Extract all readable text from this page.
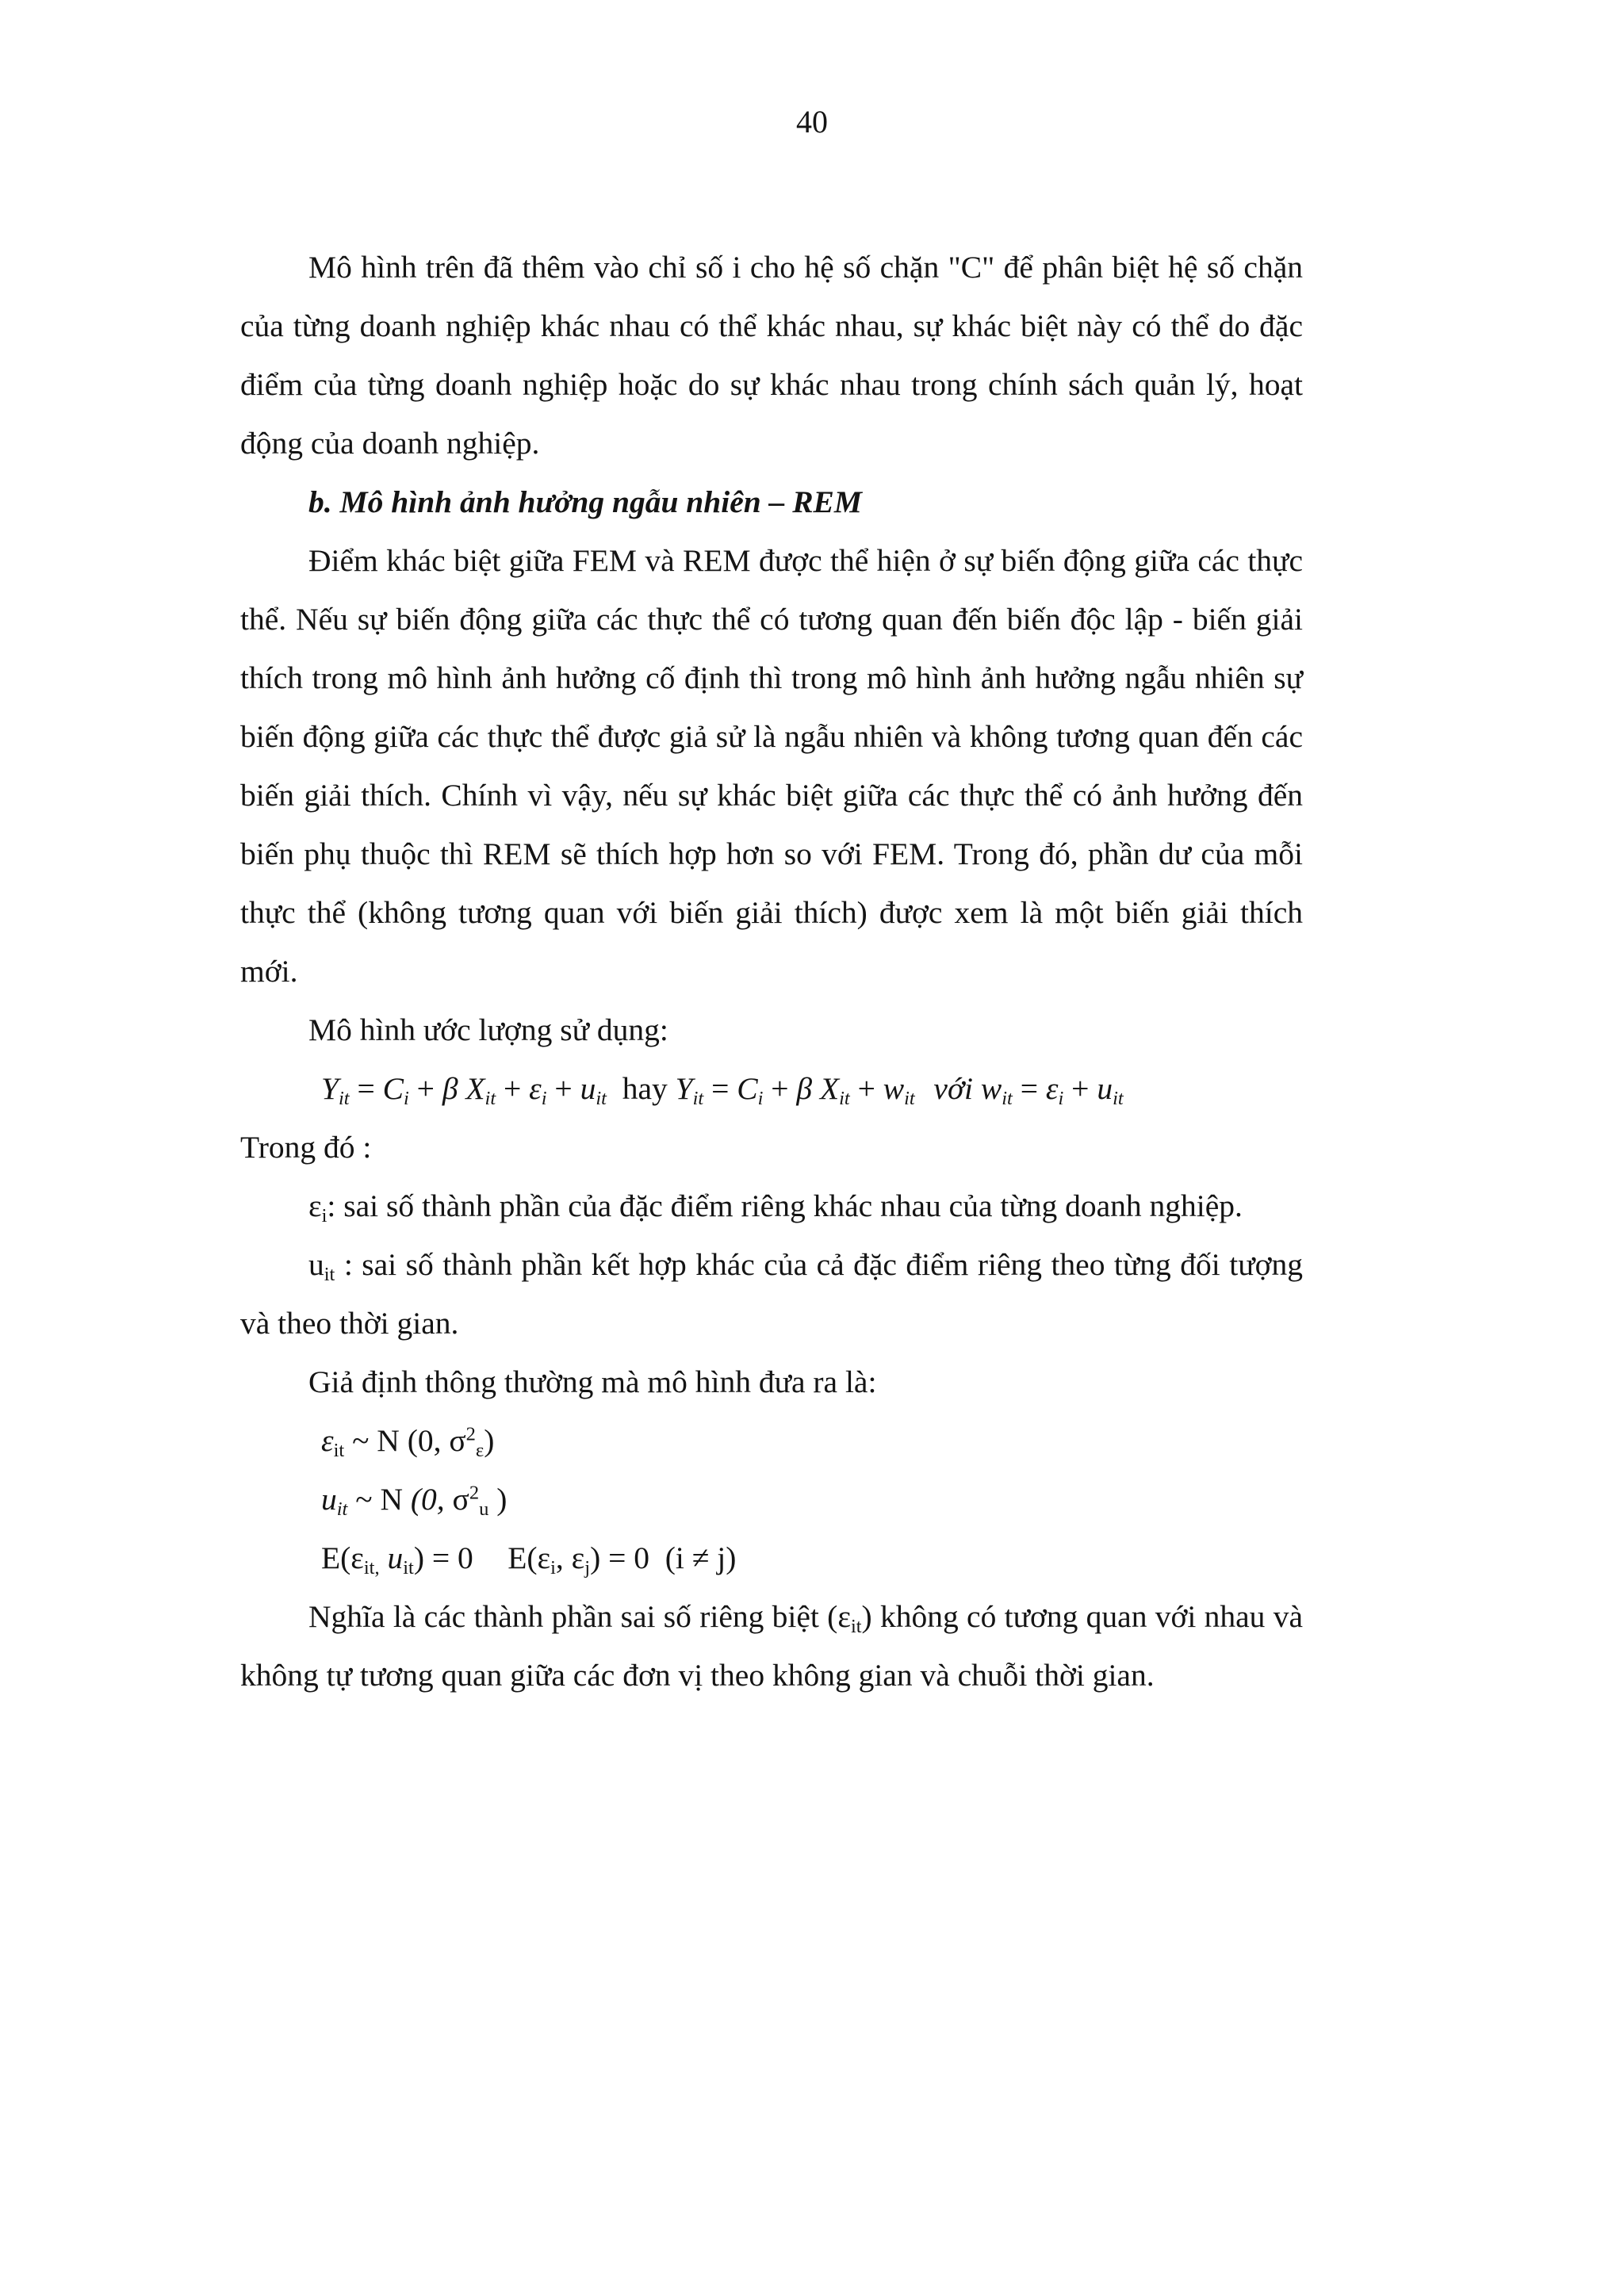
40

Mô hình trên đã thêm vào chỉ số i cho hệ số chặn "C" để phân biệt hệ số chặn của từng doanh nghiệp khác nhau có thể khác nhau, sự khác biệt này có thể do đặc điểm của từng doanh nghiệp hoặc do sự khác nhau trong chính sách quản lý, hoạt động của doanh nghiệp.

b. Mô hình ảnh hưởng ngẫu nhiên – REM

Điểm khác biệt giữa FEM và REM được thể hiện ở sự biến động giữa các thực thể. Nếu sự biến động giữa các thực thể có tương quan đến biến độc lập - biến giải thích trong mô hình ảnh hưởng cố định thì trong mô hình ảnh hưởng ngẫu nhiên sự biến động giữa các thực thể được giả sử là ngẫu nhiên và không tương quan đến các biến giải thích. Chính vì vậy, nếu sự khác biệt giữa các thực thể có ảnh hưởng đến biến phụ thuộc thì REM sẽ thích hợp hơn so với FEM. Trong đó, phần dư của mỗi thực thể (không tương quan với biến giải thích) được xem là một biến giải thích mới.

Mô hình ước lượng sử dụng:

$Y_{it} = C_i + \beta$ $X_{it} + \varepsilon_i + u_{it}$ hay $Y_{it} = C_i + \beta$ $X_{it} + w_{it}$ với $w_{it} = \varepsilon_i + u_{it}$

Trong đó :

$\varepsilon_i$: sai số thành phần của đặc điểm riêng khác nhau của từng doanh nghiệp.

$u_{it}$ : sai số thành phần kết hợp khác của cả đặc điểm riêng theo từng đối tượng và theo thời gian.

Giả định thông thường mà mô hình đưa ra là:

$\varepsilon_{it}$ ~ N (0, $\sigma^2_\varepsilon$)

$u_{it}$ ~ N (0, $\sigma^2_u$ )

$E(\varepsilon_{it,}$ $u_{it}) = 0$ $E(\varepsilon_i$, $\varepsilon_j) = 0$ (i ≠ j)

Nghĩa là các thành phần sai số riêng biệt $(\varepsilon_{it})$ không có tương quan với nhau và không tự tương quan giữa các đơn vị theo không gian và chuỗi thời gian.
